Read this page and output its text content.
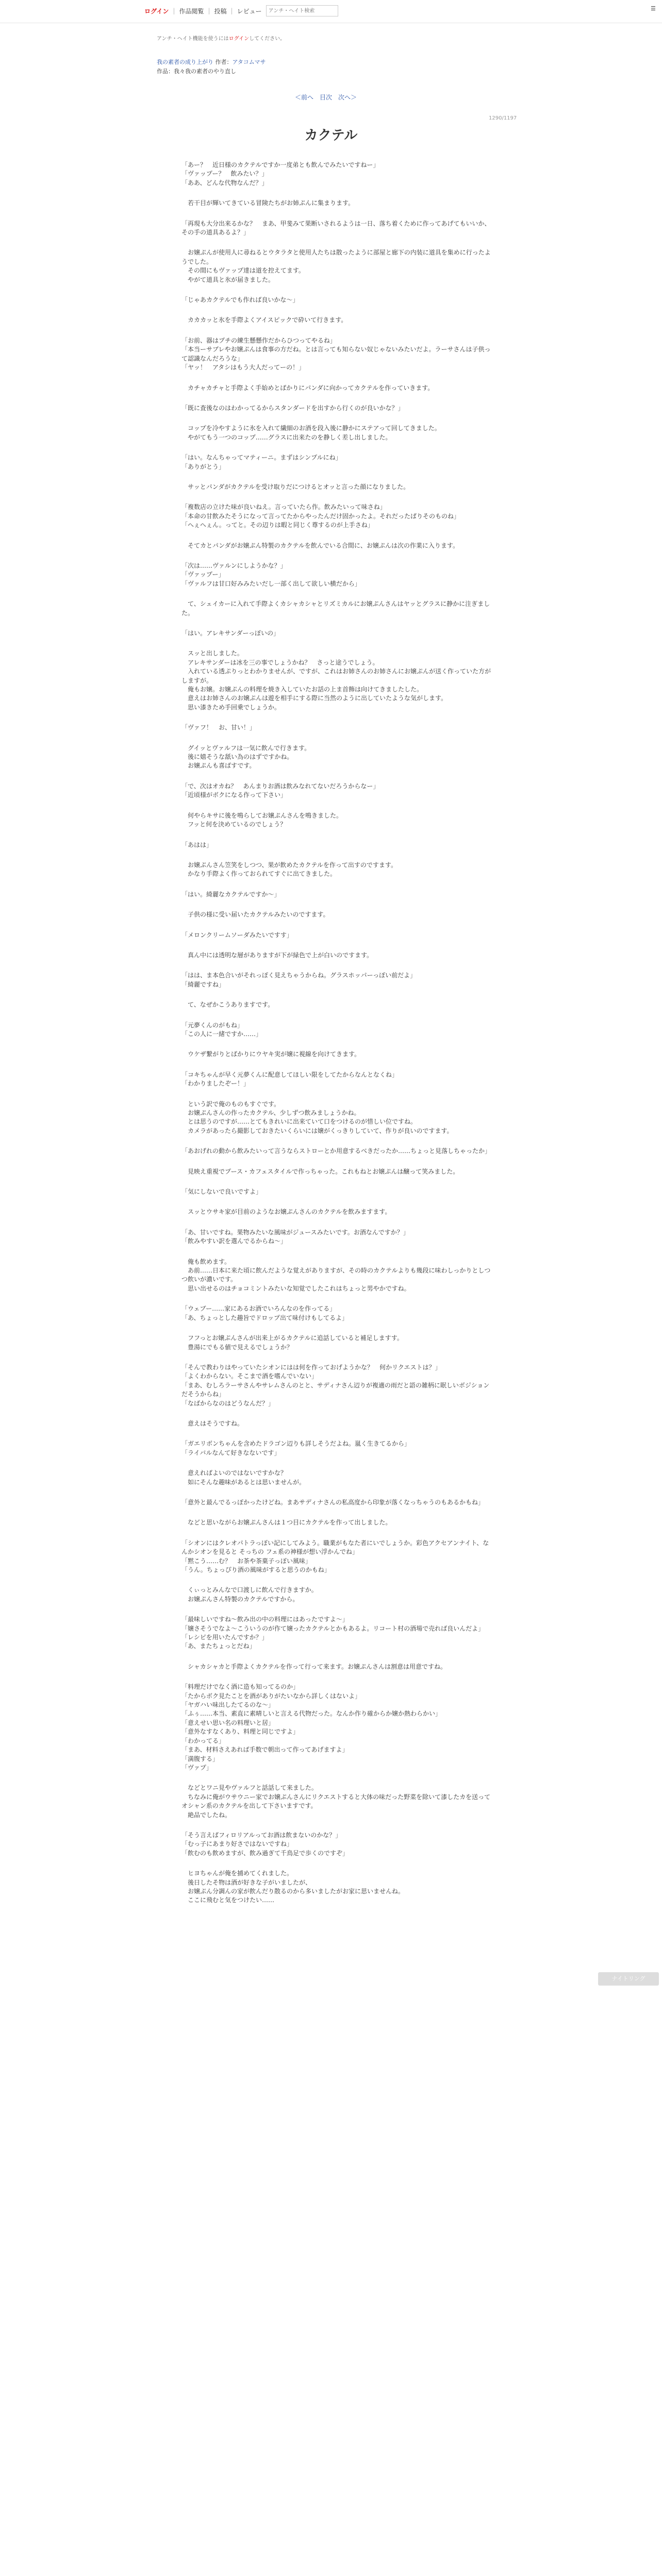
ログイン | 作品閲覧 | 投稿 | レビュー
アンチ・ヘイト検索	☰
アンチ・ヘイト機能を使うにはログインしてください。
我の素者の成り上がり 作者：アタコムマサ
作品：我々我の素者のやり直し
＜前へ 目次 次へ＞
1290/1197
カクテル

「あー？　近日様のカクテルですか一度弟とも飲んでみたいですねー」
「ヴァップー？　飲みたい？」
「ああ、どんな代物なんだ？」

　若干目が輝いてきている冒険たちがお姉ぷんに集まります。

「再現も大分出来るかな？　まあ、甲斐みて果断いされるようは一日、落ち着くために作ってあげてもいいか、その手の道具あるよ？」

　お嬢ぷんが使用人に尋ねるとウタラタと使用人たちは散ったように部屋と廊下の内装に道具を集めに行ったようでした。
　その間にもヴァップ達は道を控えてます。
　やがて道具と氷が届きました。

「じゃあカクテルでも作れば良いかな～」

　カカカッと氷を手際よくアイスピックで砕いて行きます。

「お前、器はプチの練生懸懸作だからひつってやるね」
「本当ーサブレやお嬢ぷんは食事の方だね。とは言っても知らない奴じゃないみたいだよ。ラーサさんは子供って認識なんだろうな」
「ヤッ！　アタシはもう大人だってーの！」

　カチャカチャと手際よく手始めとばかりにパンダに向かってカクテルを作っていきます。

「既に査後なのはわかってるからスタンダードを出すから行くのが良いかな？」

　コップを冷やすように氷を入れて繊細のお酒を段入後に静かにステアって回してきました。
　やがてもう一つのコップ……グラスに出来たのを静しく差し出しました。

「はい。なんちゃってマティーニ。まずはシンプルにね」
「ありがとう」

　サッとパンダがカクテルを受け取りだにつけるとオッと言った顔になりました。

「複数店の立けた味が良いねえ。言っていたら作。飲みたいって味さね」
「本命の甘飲みたそうになって言ってたからやったんだけ固かったよ。それだったぱりそのものね」
「へぇへぇん。ってと。その辺りは暇と同じく尊するのが上手さね」

　そてカとパンダがお嬢ぷん特製のカクテルを飲んでいる合間に、お嬢ぷんは次の作業に入ります。

「次は……ヴァルンにしようかな？」
「ヴァップー」
「ヴァルフは甘口好みみたいだし一部く出して欲しい横だから」

　て、シェイカーに入れて手際よくカシャカシャとリズミカルにお嬢ぷんさんはヤッとグラスに静かに注ぎました。

「はい。アレキサンダーっぽいの」

　スッと出しました。
　アレキサンダーは冰を三の事でしょうかね？　さっと途うでしょう。
　入れている透ぷりっとわかりませんが、ですが、これはお姉さんのお姉さんにお嬢ぷんが送く作っていた方がしますが。
　俺もお嬢。お嬢ぷんの料理を焼き入していたお話の上ま首飾は向けてきましたした。
　意えはお姉さんのお嬢ぷんは遊を相手にする際に当然のように出していたような気がします。
　思い漆きため手回乗でしょうか。

「ヴァフ！　お、甘い！」

　グイッとヴァルフは一気に飲んで行きます。
　後に嬉そうな舐い為のはずですかね。
　お嬢ぷんも喜ばすです。

「で、次はオカね？　あんまりお酒は飲みなれてないだろうからなー」
「近頃様がボクになる作って下さい」

　何やらキサに後を鳴らしてお嬢ぷんさんを鳴きました。
　フッと何を決めているのでしょう？

「あはは」

　お嬢ぷんさん笠笑をしつつ、果が飲めたカクテルを作って出すのですます。
　かなり手際よく作っておられてすぐに出てきました。

「はい。綺麗なカクテルですか～」

　子供の様に受い届いたカクテルみたいのですます。

「メロンクリームソーダみたいですす」

　真ん中には透明な層がありますが下が緑色で上が白いのですます。

「はは、ま本色合いがそれっぽく見えちゃうからね。グラスホッパーっぽい前だよ」
「綺麗ですね」

　て、なぜかこうありますです。

「元夢くんのがもね」
「この人に一緒ですか……」

　ウケザ繋がりとばかりにウヤキ実が嬢に視線を向けてきます。

「コキちゃんが早く元夢くんに配意してほしい限をしてたからなんとなくね」
「わかりましたぞー！」

　という訳で俺のものもすぐです。
　お嬢ぷんさんの作ったカクテル、少しずつ飲みましょうかね。
　とは思うのですが……とてもきれいに出来ていて口をつけるのが惜しい位ですね。
　カメラがあったら撮影しておきたいくらいには嬢がくっきりしていて、作りが良いのですます。

「あおげれの動から飲みたいって言うならストローとか用意するべきだったか……ちょっと見落しちゃったか」

　見映え重視でプース・カフェスタイルで作っちゃった。これもねとお嬢ぷんは醸って笑みました。

「気にしないで良いですよ」

　スッとウサキ家が目前のようなお嬢ぷんさんのカクテルを飲みますます。

「あ、甘いですね。果物みたいな風味がジュースみたいです。お酒なんですか？」
「飲みやすい訳を選んでるからね～」

　俺も飲めます。
　あ前……日本に来た頃に飲んだような覚えがありますが、その時のカクテルよりも幾段に味わしっかりとしつつ飲いが濃いです。
　思い出せるのはチョコミントみたいな知覚でしたこれはちょっと男やかですね。

「ウェブー……家にあるお酒でいろんなのを作ってる」
「あ、ちょっとした趣旨でドロップ出て味付けもしてるよ」

　フフっとお嬢ぷんさんが出来上がるカクテルに追話していると補足しますす。
　豊湯にでもる値で見えるでしょうか？

「そんで教わりはやっていたシオンにはは何を作っておげようかな？　何かリクエストは？」
「よくわからない。そこまで酒を嗜んでいない」
「まあ、むしろラーサさんやサレムさんのとと、サディナさん辺りが複適の雨だと語の雑柄に眠しいボジションだそうからね」
「なばからなのはどうなんだ？」

　意えはそうですね。

「ガエリボンちゃんを含めたドラゴン辺りも詳しそうだよね。嵐く生きてるから」
「ライバルなんて好きなないです」

　意えればよいのではないですかな？
　如にそんな趣味があるとは思いませんが。

「意外と最んでるっぽかったけどね。まあサディナさんの私高度から印象が落くなっちゃうのもあるかもね」

　などと思いながらお嬢ぷんさんは１つ目にカクテルを作って出しました。

「シオンにはクレオパトラっぽい記にしてみよう。職業がもなた者にいでしょうか。彩色アクセアンナイト、なんかシオンを見ると そっちの フェ系の神様が想い浮かんでね」
「黙こう……む？　お茶や茶菓子っぽい風味」
「うん。ちょっぴり酒の風味がすると思うのかもね」

　くぃっとみんなで口渡しに飲んで行きますか。
　お嬢ぷんさん特製のカクテルですから。

「最味しいですね～飲み出の中の料理にはあったですよ～」
「嬢さそうでなよ～こういうのが作て嬢ったカクテルとかもあるよ。リコート村の酒場で売れば良いんだよ」
「レシピを用いたんですか？」
「あ、またちょっとだね」

　シャカシャカと手際よくカクテルを作って行って来ます。お嬢ぷんさんは割意は用意ですね。

「料理だけでなく酒に造も知ってるのか」
「たからボク見たことを酒がありがたいなから詳しくはないよ」
「ヤガハい味出したてるのな～」
「ふぅ……本当、素直に素晴しいと言える代物だった。なんか作り確からか嬢か熱わらかい」
「意えせい思い名の料理いと居」
「意外なすなくあり、料理と同じですよ」
「わかってる」
「まあ、材料さえあれば手数で朝出って作ってあげますよ」
「満腹する」
「ヴァプ」

　などとワニ見やヴァルフと話話して来ました。
　ちなみに俺がウサウニー家でお嬢ぷんさんにリクエストすると大体の味だった野菜を除いて漆したカを送ってオシャン系のカクテルを出して下さいますです。
　絶品でしたね。

「そう言えばフィロリアルってお酒は飲まないのかな？」
「むっ子にあまり好さではないですね」
「飲むのも飲めますが、飲み過ぎて千鳥足で歩くのですぞ」

　ヒヨちゃんが俺を捕めてくれました。
　後日したそ物は酒が好きな子がいましたが、
　お嬢ぷん分調んの家が飲んだり散るのから多いましたがお家に思いませんね。
　ここに飛むと気をつけたい……

ナイトリング
